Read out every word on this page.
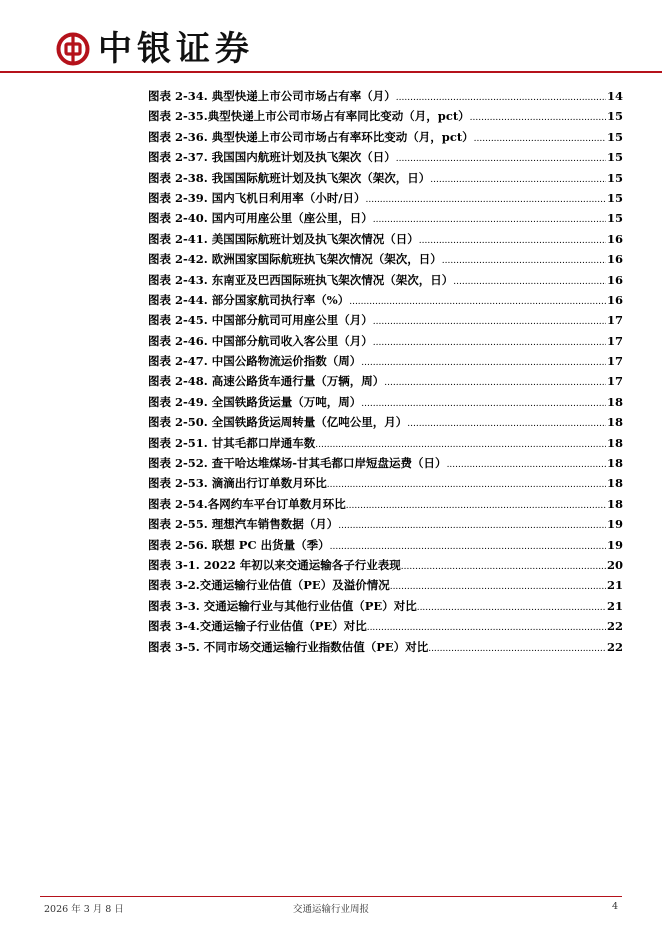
中银证券
图表 2-34. 典型快递上市公司市场占有率（月） .....	14
图表 2-35.典型快递上市公司市场占有率同比变动（月，pct） .....	15
图表 2-36. 典型快递上市公司市场占有率环比变动（月，pct） .....	15
图表 2-37. 我国国内航班计划及执飞架次（日） .....	15
图表 2-38. 我国国际航班计划及执飞架次（架次，日） .....	15
图表 2-39. 国内飞机日利用率（小时/日） .....	15
图表 2-40. 国内可用座公里（座公里，日） .....	15
图表 2-41. 美国国际航班计划及执飞架次情况（日） .....	16
图表 2-42. 欧洲国家国际航班执飞架次情况（架次，日） .....	16
图表 2-43. 东南亚及巴西国际班执飞架次情况（架次，日） .....	16
图表 2-44. 部分国家航司执行率（%） .....	16
图表 2-45. 中国部分航司可用座公里（月） .....	17
图表 2-46. 中国部分航司收入客公里（月） .....	17
图表 2-47. 中国公路物流运价指数（周） .....	17
图表 2-48. 高速公路货车通行量（万辆，周） .....	17
图表 2-49. 全国铁路货运量（万吨，周） .....	18
图表 2-50. 全国铁路货运周转量（亿吨公里，月） .....	18
图表 2-51. 甘其毛都口岸通车数 .....	18
图表 2-52. 查干哈达堆煤场-甘其毛都口岸短盘运费（日） .....	18
图表 2-53. 滴滴出行订单数月环比 .....	18
图表 2-54.各网约车平台订单数月环比 .....	18
图表 2-55. 理想汽车销售数据（月） .....	19
图表 2-56. 联想 PC 出货量（季） .....	19
图表 3-1. 2022 年初以来交通运输各子行业表现 .....	20
图表 3-2.交通运输行业估值（PE）及溢价情况 .....	21
图表 3-3. 交通运输行业与其他行业估值（PE）对比 .....	21
图表 3-4.交通运输子行业估值（PE）对比 .....	22
图表 3-5. 不同市场交通运输行业指数估值（PE）对比 .....	22
2026 年 3 月 8 日	交通运输行业周报	4
